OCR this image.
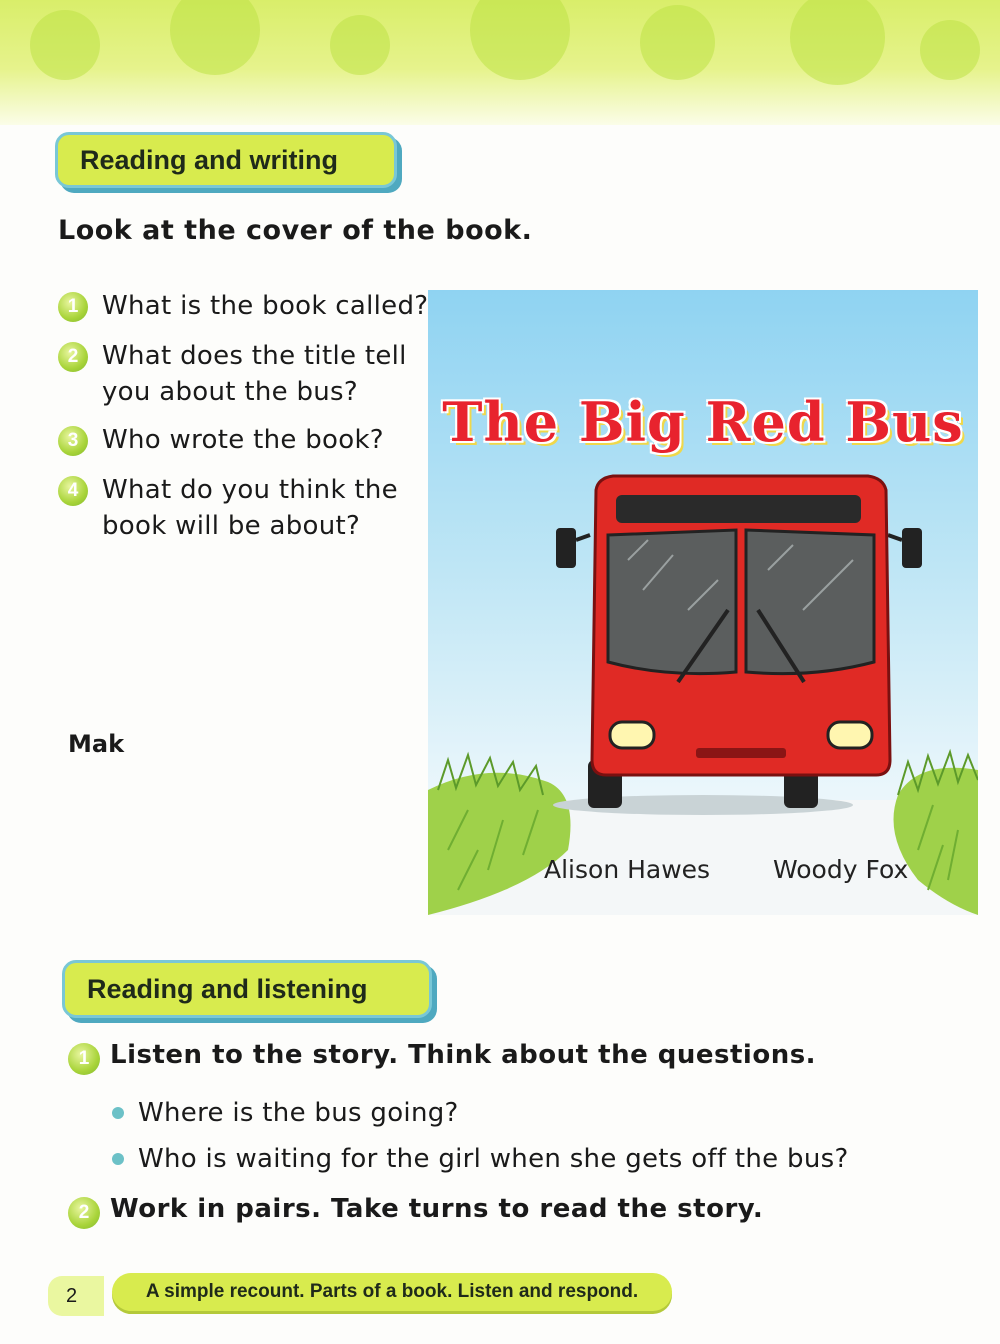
Reading and writing
Look at the cover of the book.
1 What is the book called?
2 What does the title tell
you about the bus?
3 Who wrote the book?
4 What do you think the
book will be about?
Mak
The Big Red Bus
Alison Hawes	Woody Fox
Reading and listening
1 Listen to the story. Think about the questions.
Where is the bus going?
Who is waiting for the girl when she gets off the bus?
2 Work in pairs. Take turns to read the story.
2	A simple recount. Parts of a book. Listen and respond.
